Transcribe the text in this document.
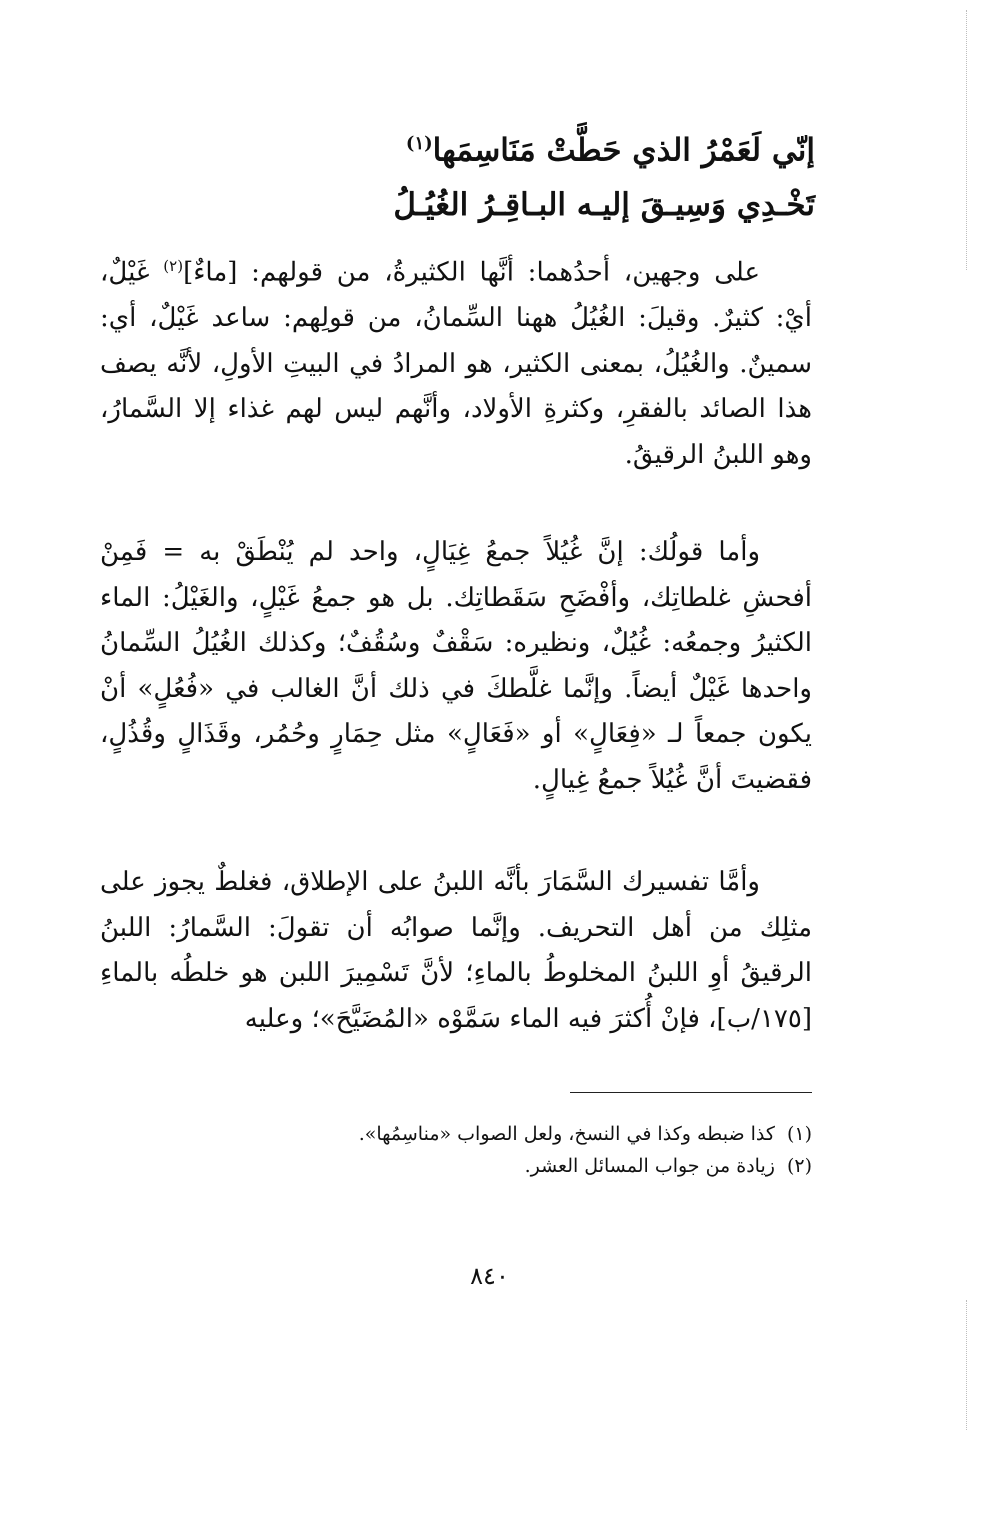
إنّي لَعَمْرُ الذي حَطَّتْ مَنَاسِمَها$^{(١)}$
تَخْـدِي وَسِيـقَ إليـه البـاقِـرُ الغُيُـلُ

على وجهين، أحدُهما: أنَّها الكثيرةُ، من قولهم: [ماءٌ]$^{(٢)}$ غَيْلٌ، أيْ: كثيرٌ. وقيلَ: الغُيُلُ ههنا السِّمانُ، من قولِهم: ساعد غَيْلٌ، أي: سمينٌ. والغُيُلُ، بمعنى الكثير، هو المرادُ في البيتِ الأولِ، لأنَّه يصف هذا الصائد بالفقرِ، وكثرةِ الأولاد، وأنَّهم ليس لهم غذاء إلا السَّمارُ، وهو اللبنُ الرقيقُ.

وأما قولُك: إنَّ غُيُلاً جمعُ غِيَالٍ، واحد لم يُنْطَقْ به = فَمِنْ أفحشِ غلطاتِك، وأفْضَحِ سَقَطاتِك. بل هو جمعُ غَيْلٍ، والغَيْلُ: الماء الكثيرُ وجمعُه: غُيُلٌ، ونظيره: سَقْفٌ وسُقُفٌ؛ وكذلك الغُيُلُ السِّمانُ واحدها غَيْلٌ أيضاً. وإنَّما غلَّطكَ في ذلك أنَّ الغالب في «فُعُلٍ» أنْ يكون جمعاً لـ «فِعَالٍ» أو «فَعَالٍ» مثل حِمَارٍ وحُمُر، وقَذَالٍ وقُذُلٍ، فقضيتَ أنَّ غُيُلاً جمعُ غِيالٍ.

وأمَّا تفسيرك السَّمَارَ بأنَّه اللبنُ على الإطلاق، فغلطٌ يجوز على مثلِك من أهل التحريف. وإنَّما صوابُه أن تقولَ: السَّمارُ: اللبنُ الرقيقُ أوِ اللبنُ المخلوطُ بالماءِ؛ لأنَّ تَسْمِيرَ اللبن هو خلطُه بالماءِ [١٧٥/ب]، فإنْ أُكثرَ فيه الماء سَمَّوْه «المُضَيَّحَ»؛ وعليه

(١)كذا ضبطه وكذا في النسخ، ولعل الصواب «مناسِمُها».
(٢)زيادة من جواب المسائل العشر.
٨٤٠
